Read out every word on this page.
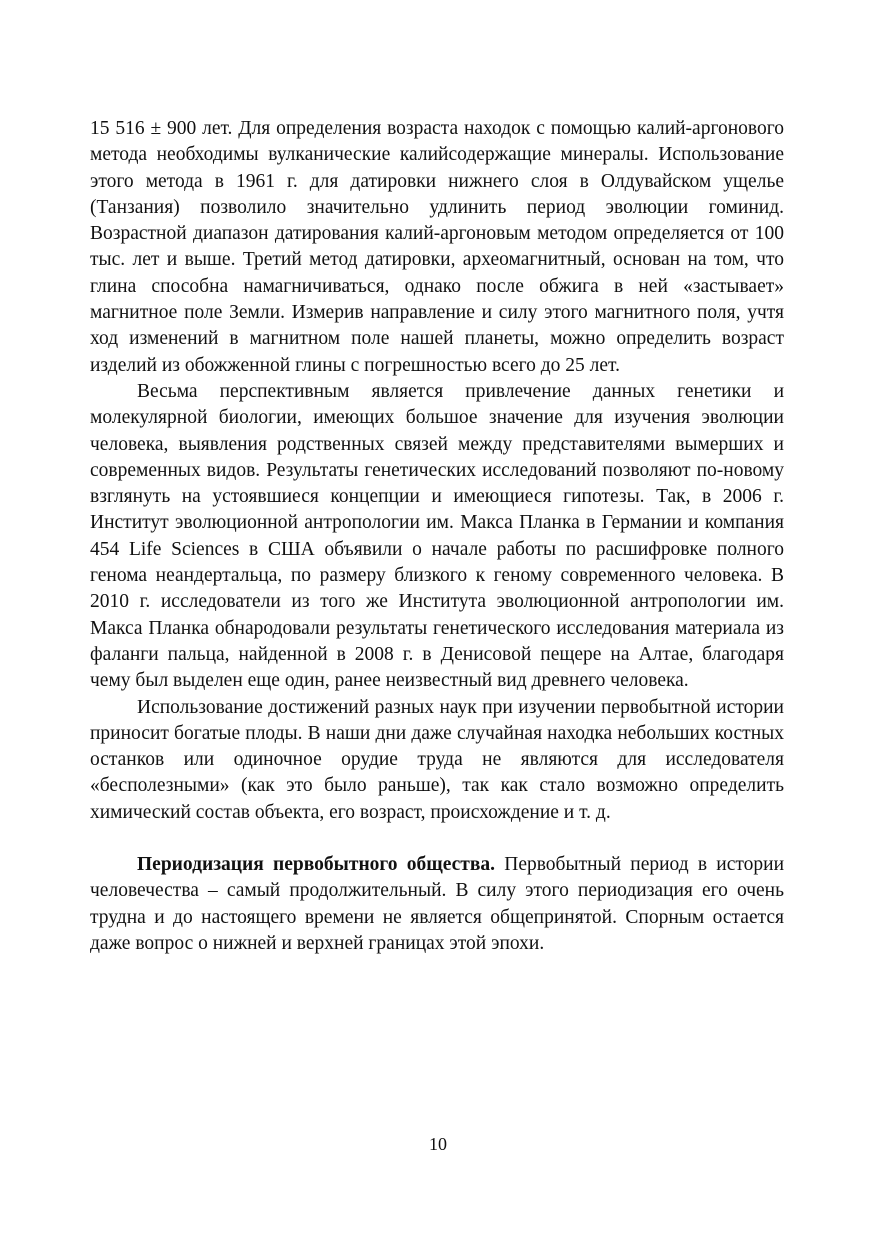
15 516 ± 900 лет. Для определения возраста находок с помощью калий-аргонового метода необходимы вулканические калийсодержащие минералы. Использование этого метода в 1961 г. для датировки нижнего слоя в Олдувайском ущелье (Танзания) позволило значительно удлинить период эволюции гоминид. Возрастной диапазон датирования калий-аргоновым методом определяется от 100 тыс. лет и выше. Третий метод датировки, археомагнитный, основан на том, что глина способна намагничиваться, однако после обжига в ней «застывает» магнитное поле Земли. Измерив направление и силу этого магнитного поля, учтя ход изменений в магнитном поле нашей планеты, можно определить возраст изделий из обожженной глины с погрешностью всего до 25 лет.

Весьма перспективным является привлечение данных генетики и молекулярной биологии, имеющих большое значение для изучения эволюции человека, выявления родственных связей между представителями вымерших и современных видов. Результаты генетических исследований позволяют по-новому взглянуть на устоявшиеся концепции и имеющиеся гипотезы. Так, в 2006 г. Институт эволюционной антропологии им. Макса Планка в Германии и компания 454 Life Sciences в США объявили о начале работы по расшифровке полного генома неандертальца, по размеру близкого к геному современного человека. В 2010 г. исследователи из того же Института эволюционной антропологии им. Макса Планка обнародовали результаты генетического исследования материала из фаланги пальца, найденной в 2008 г. в Денисовой пещере на Алтае, благодаря чему был выделен еще один, ранее неизвестный вид древнего человека.

Использование достижений разных наук при изучении первобытной истории приносит богатые плоды. В наши дни даже случайная находка небольших костных останков или одиночное орудие труда не являются для исследователя «бесполезными» (как это было раньше), так как стало возможно определить химический состав объекта, его возраст, происхождение и т. д.

Периодизация первобытного общества. Первобытный период в истории человечества – самый продолжительный. В силу этого периодизация его очень трудна и до настоящего времени не является общепринятой. Спорным остается даже вопрос о нижней и верхней границах этой эпохи.

10
